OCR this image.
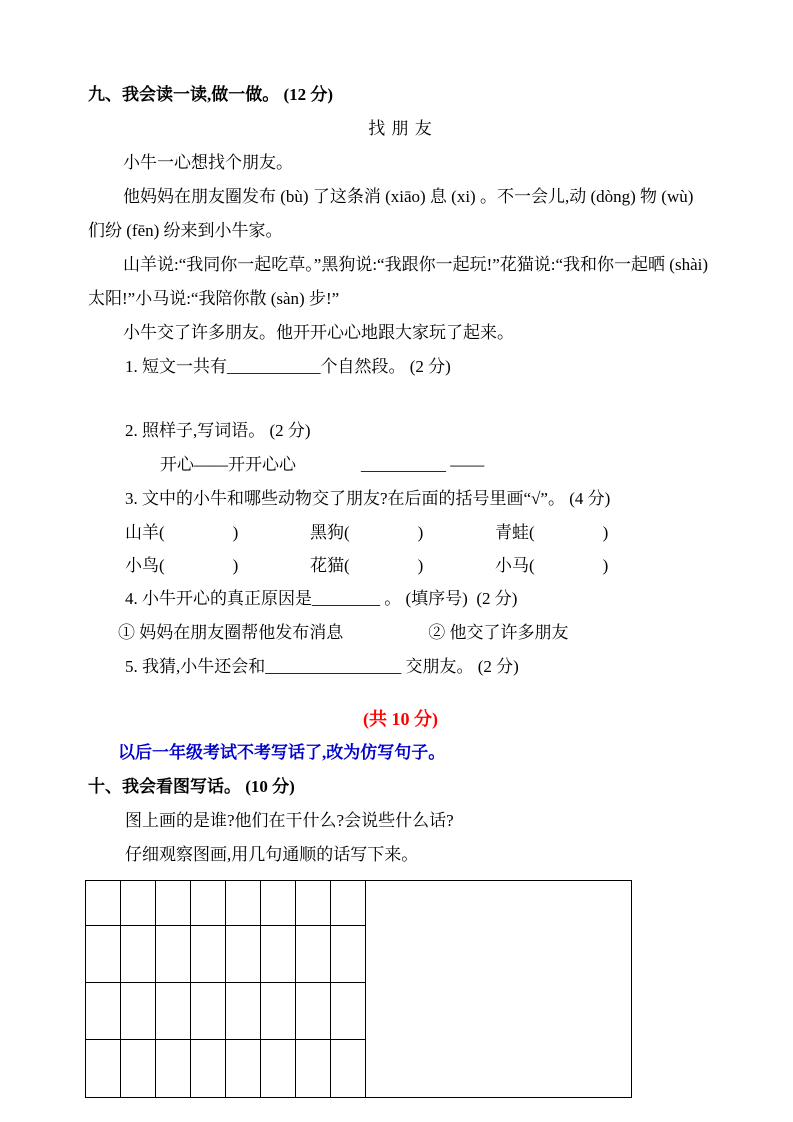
九、我会读一读,做一做。 (12 分)
找 朋 友

小牛一心想找个朋友。

他妈妈在朋友圈发布 (bù) 了这条消 (xiāo) 息 (xi) 。不一会儿,动 (dòng) 物 (wù) 们纷 (fēn) 纷来到小牛家。

山羊说:“我同你一起吃草。”黑狗说:“我跟你一起玩!”花猫说:“我和你一起晒 (shài) 太阳!”小马说:“我陪你散 (sàn) 步!”

小牛交了许多朋友。他开开心心地跟大家玩了起来。

1. 短文一共有___________个自然段。 (2 分)
2. 照样子,写词语。 (2 分)
开心——开开心心	__________ ——
3. 文中的小牛和哪些动物交了朋友?在后面的括号里画“√”。 (4 分)
山羊(　　　　)	黑狗(　　　　)	青蛙(　　　　)
小鸟(　　　　)	花猫(　　　　)	小马(　　　　)
4. 小牛开心的真正原因是________ 。 (填序号)  (2 分)
① 妈妈在朋友圈帮他发布消息	② 他交了许多朋友
5. 我猜,小牛还会和________________ 交朋友。 (2 分)
(共 10 分)
以后一年级考试不考写话了,改为仿写句子。
十、我会看图写话。 (10 分)
图上画的是谁?他们在干什么?会说些什么话?
仔细观察图画,用几句通顺的话写下来。
